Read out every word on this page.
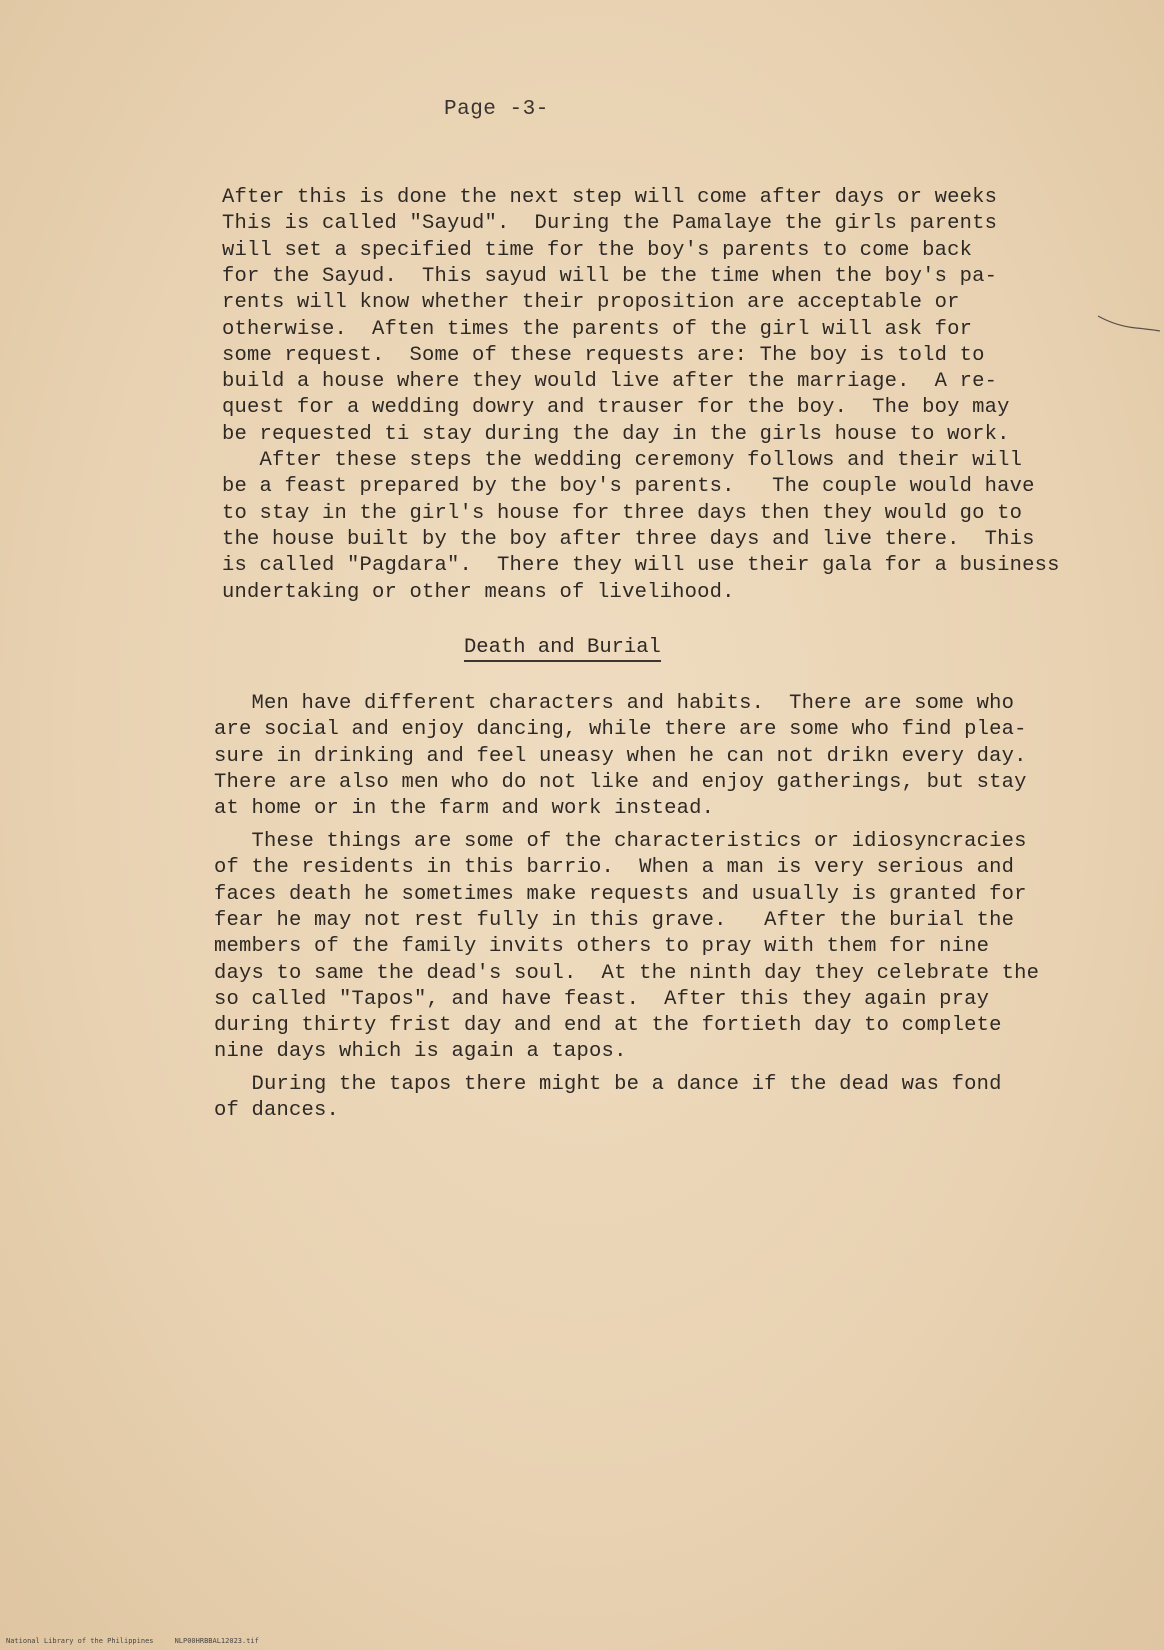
Page -3-
After this is done the next step will come after days or weeks
This is called "Sayud".  During the Pamalaye the girls parents
will set a specified time for the boy's parents to come back
for the Sayud.  This sayud will be the time when the boy's pa-
rents will know whether their proposition are acceptable or
otherwise.  Aften times the parents of the girl will ask for
some request.  Some of these requests are: The boy is told to
build a house where they would live after the marriage.  A re-
quest for a wedding dowry and trauser for the boy.  The boy may
be requested ti stay during the day in the girls house to work.
After these steps the wedding ceremony follows and their will
be a feast prepared by the boy's parents.   The couple would have
to stay in the girl's house for three days then they would go to
the house built by the boy after three days and live there.  This
is called "Pagdara".  There they will use their gala for a business
undertaking or other means of livelihood.
Death and Burial
Men have different characters and habits.  There are some who
are social and enjoy dancing, while there are some who find plea-
sure in drinking and feel uneasy when he can not drikn every day.
There are also men who do not like and enjoy gatherings, but stay
at home or in the farm and work instead.
These things are some of the characteristics or idiosyncracies
of the residents in this barrio.  When a man is very serious and
faces death he sometimes make requests and usually is granted for
fear he may not rest fully in this grave.   After the burial the
members of the family invits others to pray with them for nine
days to same the dead's soul.  At the ninth day they celebrate the
so called "Tapos", and have feast.  After this they again pray
during thirty frist day and end at the fortieth day to complete
nine days which is again a tapos.
During the tapos there might be a dance if the dead was fond
of dances.
National Library of the Philippines     NLP00HRBBAL12023.tif
